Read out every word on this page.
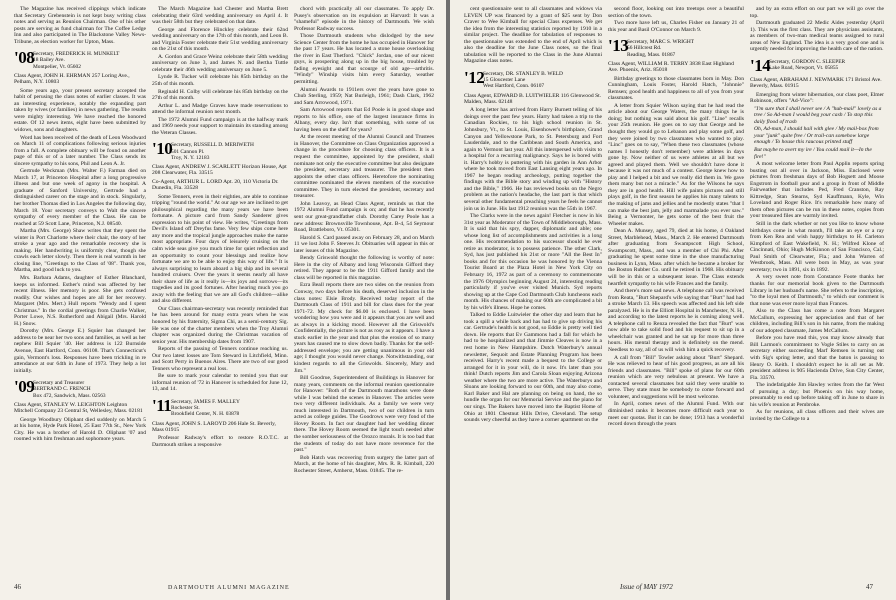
The Magazine has received clippings which indicate that Secretary Grebenstein is not kept busy writing class notes and serving as Reunion Chairman. One of his other posts are serving as fund chairman for The Coffee Ledge Inn and also participated in The Blackstone Valley News-Tribune, as election worker for Upton, Mass.

'08
Secretary, FREDERICK H. MUNKELT
18 Bailey Ave.
Montpelier, Vt. 05602

Class Agent, JOHN H. EHRMAN 257 Loring Ave., Pelham, N.Y. 10803

Some years ago, your present secretary accepted the habit of perusing the class notes of earlier classes. It was an interesting experience, notably the expanding part taken by wives (or families) in news gathering. The results were mighty interesting. We have reached the honored estate. Of 12 news items, eight have been submitted by widows, sons and daughters.

Word has been received of the death of Leon Woodward on March 11 of complications following serious injuries from a fall. A complete obituary will be found on another page of this or of a later number. The Class sends its sincere sympathy to his sons, Phil and Leon A. Jr.

Gertrude Weckman (Mrs. Walter F.) Farman died on March 17, at Princeton Hospital after a long progressive illness and but one week of agony in the hospital. A graduate of Sanford University, Gertrude had a distinguished career on the stage and in stock. Singularly, her brother Thomas died in Los Angeles the following day, March 18. Your secretary conveys to Walt the sincere sympathy of every member of the Class. He can be reached at 59 Scott Lane, Princeton, N.J. 08540.

Martha (Mrs. George) Shaw writes that they spent the winter in Port Charlotte where their chair, the story of her stroke a year ago and the remarkable recovery she is making. Her handwriting is uniformly clear, though she crawls each letter slowly. Then there is real warmth in her closing line, "Greetings to the Class of '08". Thank you, Martha, and good luck to you.

Mrs. Barbara Adams, daughter of Esther Blanchard, keeps us informed. Esther's mind was affected by her recent illness. Her memory is poor. She gets confused readily. Our wishes and hopes are all for her recovery. Margaret (Mrs. Mert.) Hull reports "Wendy and I spent Christmas." In the cordial greetings from Charlie Walker, Porter Lowe, N.S. Rutherford and Abigail (Mrs. Harold H.) Snow.

Dorothy (Mrs. George E.) Squier has changed her address to be near her two sons and families, as well as her nephew Bill Squier '40. Her address is 122 Burnside Avenue, East Hartford, Conn. 06108. That's Connecticut's gain, Vermont's loss. Responses have been trickling in re attendance at our 64th in June of 1973. They help a lot initially.

'09
Secretary and Treasurer
BERTRAND C. FRENCH
Box 472, Sandwich, Mass. 02563

Class Agent, STANLEY W. LEIGHTON Leighton Mitchell Company 23 Central St, Wellesley, Mass. 02181

George Woodbury Oliphant died suddenly on March 5 at his home, Hyde Park Hotel, 25 East 77th St., New York City. He was a brother of Harold D. Oliphant '07 and roomed with him freshman and sophomore years.

The March Magazine had Chester and Martha Brett celebrating their 63rd wedding anniversary on April 4. It was their 58th but they celebrated on that date.

George and Florence Hinckley celebrate their 62nd wedding anniversary on the 17th of this month, and Leon B. and Virginia Foster celebrate their 51st wedding anniversary on the 21st of this month.

A. Gordon and Grace Weinz celebrate their 58th wedding anniversary on June 3, and James N. and Bertha Tuttle celebrate their 46th wedding anniversary on June 5.

Lynde R. Tucker will celebrate his 85th birthday on the 25th of this month.

Reginald H. Colby will celebrate his 85th birthday on the 27th of this month.

Arthur L. and Madge Graves have made reservations to attend the informal reunion next month.

The 1972 Alumni Fund campaign is at the halfway mark and 1969 needs your support to maintain its standing among the Veteran Classes.

'10
Secretary, RUSSELL D. MERIWETH
501 Cannon Pl.
Troy, N. Y. 12183

Class Agent, ANDREW J. SCARLETT Horizon House, Apt 208 Clearwater, Fla. 33515

Co-Agent, ARTHUR L. LORD Apt. 20, 110 Victoria Dr. Dunedin, Fla. 33528

Some Tenners, even in their eighties, are able to continue tripping "round the world." At our age we are inclined to get philosophical regarding the many years we have been fortunate. A picture card from Sandy Sanderer gives expression to his point of view. He writes, "Greetings from Devil's Island off Dreyfus fame. Very few ships come here any more and the tropical jungle approaches make the name most appropriate. Four days of leisurely cruising on the calm wide seas give you much time for quiet reflection and an opportunity to count your blessings and realize how fortunate we are to be able to enjoy this way of life." It is always surprising to learn aboard a big ship and its several hundred cruisers. Over the years it seems nearly all have their share of life as it really is—its joys and sorrows—its tragedies and its good fortunes. After hearing much you go away with the feeling that we are all God's children—alike and also different.

Our Class chairman-secretary was recently reminded that he has been around for many extra years when he was honored by his fraternity, Sigma Chi, as a semi-century Sig. He was one of the charter members when the Troy Alumni chapter was organized during the Christmas vacation of senior year. His membership dates from 1907.

Reports of the passing of Tenners continue reaching us. Our two latest losses are Tom Steward in Litchfield, Minn. and Scott Perry in Buenos Aires. There are two of our good Tenners who represent a real loss.

Be sure to mark your calendar to remind you that our informal reunion of '72 in Hanover is scheduled for June 12, 13, and 14.

'11 Secretary, JAMES F. MALLEY
Rochester St.
Brookfield Center, N. H. 03878

Class Agent, JOHN S. LAROYD 206 Hale St. Beverly, Mass 01915

Professor Radway's effort to restore R.O.T.C. at Dartmouth strikes a responsive

chord with practically all our classmates. To apply Dr. Pusey's observation on its expulsion at Harvard: It was a "shameful" episode in the history of Dartmouth. We wish Professor Radway success.

Those Dartmouth students who dislodged by the new Science Center from the home he has occupied in Hanover for the past 17 years. He has located a stone house overlooking the river in East Thetford. "Chick" Jordan, one of our nicest guys, is prospering along up in the big house, troubled by fading eyesight and that scourge of old age—arthritis. "Windy" Winship visits him every Saturday, weather permitting.

Alumni Awards to 1911ers over the years have gone to Chub Sterling, 1959; Nat Burleigh, 1961; Dash Clark, 1962 and Sam Arrowood, 1971.

Sam Arrowood reports that Ed Poole is in good shape and reports to his office, one of the largest insurance firms in Albany, every day. Isn't that something, with some of us having been on the shelf for years?

At the recent meeting of the Alumni Council and Trustees in Hanover, the Committee on Class Organization approved a change in the procedure for choosing class officers. It is a request the committee, appointed by the president, shall nominate not only the executive committee but also designate the president, secretary and treasurer. The president then appoints the other class officers. Heretofore the nominating committee nominated the eleven members of the executive committee. They in turn elected the president, secretary and treasurer.

John Leavoy, as Head Class Agent, reminds us that the 1972 Alumni Fund campaign is on; and that he has recently sent our great-grandfather club. Dorothy Carey Poole has a new address: Brownsville Townhouse, Apt. B-4, 54 Seymour Road, Brattleboro, Vt. 05301.

Harold S. Card passed away on February 28, and on March 11 we lost John F. Steeves Jr. Obituaries will appear in this or later issues of this Magazine.

Bendy Griswold thought the following is worthy of note: Here in the city of Albany and long Wisconsin Gifford they retired. They appear to be the 1911 Gifford family and the class will be reported in this magazine.

Ezra Beall reports there are two sides on the reunion from Conway, two days before his death, deserved inclusion in the class notes: Elsie Brody. Received today report of the Dartmouth Class of 1911 and bill for class dues for the year 1971-72. My check for $6.00 is enclosed. I have been wondering how you were and it appears that you are well and as always in a kicking mood. However all the Griswold's Confidentially, the picture is not as rosy as it appears. I have a stuck earlier in the year and that plus the erosion of so many years has caused me to slow down badly. Thanks for the self-addressed envelope; you are getting unanimous in your old age; I thought you would never change. Notwithstanding, our kindest regards to all the Griswolds. Sincerely, Mary and Jim."

Bill Goodrue, Superintendent of Buildings in Hanover for many years, comments on the informal reunion questionnaire for Hanover: "Both of the Dartmouth marathons were done while I was behind the scenes in Hanover. The articles were two very different individuals. As a family we were very much interested in Dartmouth, two of our children in turn acted as college guides. The Goodrows were very fond of the Hovey Room. In fact our daughter had her wedding dinner there. The Hovey Room seemed the light touch needed after the somber seriousness of the Orozco murals. It is too bad that the students of today do not have more reverence for the past."

Bob Hatch was recovering from surgery the latter part of March, at the home of his daughter, Mrs. R. R. Kimball, 220 Rochester Street, Amherst, Mass. 01845. The re-

46	DARTMOUTH ALUMNI MAGAZINE

cent questionnaire sent to all classmates and widows via LEVEN UP was financed by a grant of $25 sent by Don Craver to Wee Kimball for special Class expenses. We get the idea from the interesting statistics reported by 1910 in a similar project. The deadline for tabulation of responses to the questionnaire was extended to the end of April which is also the deadline for the June Class notes, so the final tabulation will be reported to the Class in the June Alumni Magazine class notes.

'12
Secretary, DR. STANLEY B. WELD
15 Gloucester Lane
West Hartford, Conn. 06107

Class Agent, EDWARD B. LUITWIELER 116 Glenwood St. Malden, Mass. 02148

A long letter has arrived from Harry Burnett telling of his doings over the past few years. Harry had taken a trip to the Canadian Rockies, to his high school reunion in St. Johnsbury, Vt., to St. Louis, Eisenhower's birthplace, Grand Canyon and Yellowstone Park, to St. Petersburg and Fort Lauderdale, and to the Caribbean and South America, and again to Vermont last year. All this interspersed with visits to a hospital for a recurring malignancy. Says he is bored with it. Harry's hobby is puttering with his garden in Ann Arbor where he took moved from East Lansing eight years ago. In 1967 he began reading archeology, putting together the findings with the Bible story and winding up with "History and the Bible," 1966. He has reviewed books on the Negro problem as the nation's headache, the last part is that which several other fundamental preaching years he feels he cannot join us in June. His last 1912 reunion was the 55th in 1967.

The Clarks were in the news again! Fletcher is now in his 31st year as Moderator of the Town of Middleborough, Mass. It is said that his spry, dapper, diplomatic and able; one whose long list of accomplishments and activities is a long one. His recommendation to his successor should he ever retire as moderator, is to possess patience. The other Clark, Syd, has just published his 21st or more "All the Best In" books and for this occasion he was honored by the Vienna Tourist Board at the Plaza Hotel in New York City on February 16, 1972 as part of a ceremony to commemorate the 1976 Olympics beginning August 24, interesting reading particularly if you've ever visited Munich. Syd reports showing up at the Cape Cod Dartmouth Club luncheons each month. His chances of making our 60th are complicated a bit by his wife's illness. Hope he comes.

Talked to Eddie Luitwieler the other day and learn that he took a spill a while back and has had to give up driving his car. Gertrude's health is not good, so Eddie is pretty well tied down. He reports that Ev Gammons had a fall for which he had to be hospitalized and that Jimmie Cleaves is now in a rest home in New Hampshire. Dutch Waterbury's annual newsletter, Sequoit and Estate Planning Program has been received. Harry's recent made a bequest to the College or arranged for it in your will, do it now. It's later than you think! Dutch reports Jim and Carola Sloan enjoying Arizona weather where the two are more active. The Waterburys and Sloans are looking forward to our 60th, and may also come, Karl Baker and Hal are planning on being on hand, the so hundle the organ for our Memorial Service and the piano for our sings. The Bakers have moved into the Baptist Home of Ohio at 1801 Chestnut Hills Drive, Cleveland. The setup sounds very cheerful as they have a corner apartment on the

second floor, looking out into treetops over a beautiful section of the town.

Two more have left us, Charles Fisher on January 21 of this year and Basil O'Connor on March 9.

'13
Secretary, MARC S. WRIGHT
56 Hillcrest Rd.
Reading, Mass. 01867

Class Agent, WILLIAM R. TERRY 3838 East Highland Ave. Phoenix, Ariz. 85018

Birthday greetings to those classmates born in May. Don Cunningham, Louis Foster, Harold Hatch, "Johnnie" Remsen; good health and happiness to all of you from your classmates.

A letter from Squier Wilson saying that he had read the article about our George Waters, the many things he is doing; but nothing was said about his golf. "Line" recalls your 25th reunion. He goes on to say that George and he thought they would go to Lebanon and play some golf, and they were joined by two classmates who wanted to play. "Linc" goes on to say, "When these two classmates (whose names I honestly don't remember) were athletes in days gone by. Now neither of us were athletes at all but we agreed and played them. Well we shouldn't have done it because it was not much of a contest. George knew how to play and I helped a bit and we really did them in. We gave them many but not a miracle." As for the Wilsons he says they are in good health. Hill wife paints pictures and still plays golf, in the first season he applies his many talents to the making of jams and jellies and he modestly states "that I can make the best jam, jelly and marmalade you ever saw." Being a Vermonter, he gets some of the best fruit the Wheeler makes.

Dean A. Munsey, aged 79, died at his home, 4 Oakland Street, Marblehead, Mass., March 2. He entered Dartmouth after graduating from Swampscott High School, Swampscott, Mass., and was a member of Chi Phi. After graduating he spent some time in the shoe manufacturing business in Lynn, Mass. after which he became a broker for the Boston Rubber Co. until he retired in 1968. His obituary will be in this or a subsequent issue. The Class extends heartfelt sympathy to his wife Frances and the family.

And there's more sad news. A telephone call was received from Reata, "Burt Shepard's wife saying that "Burt" had had a stroke March 13. His speech was affected and his left side paralyzed. He is in the Elliott Hospital in Manchester, N. H., and according to the latest reports he is coming along well. A telephone call to Renza revealed the fact that "Burt" was now able to take solid food and his request to sit up in a wheelchair was granted and he sat up for more than three hours. His mental therapy and is definitely on the mend. Needless to say, all of us will wish him a quick recovery.

A call from "Bill" Towler asking about "Burt" Shepard. He was relieved to hear of his good progress, as are all his friends and classmates. "Bill" spoke of plans for our 60th reunion which are very nebulous at present. We have a contacted several classmates but said they were unable to serve. They state must be somebody to come forward and volunteer, and suggestions will be most welcome.

In April, comes news of the Alumni Fund. With our diminished ranks it becomes more difficult each year to meet our quotas. But it can be done; 1913 has a wonderful record down through the years

and by an extra effort on our part we will go over the top.

Dartmouth graduated 22 Medic Aides yesterday (April 1). This was the first class. They are physicians assistants, as members of two-man medical teams assigned to rural areas of New England. The idea is a very good one and is urgently needed for improving the health care of the nation.

'14
Secretary, GORDON C. SLEEPER
Lake Road, Newport, Vt. 05855

Class Agent, ABRAHAM J. NEWMARK 171 Bristol Ave. Beverly, Mass. 01915

Emerging from winter hibernation, our class poet, Elmer Robinson, offers "Ad-Vice":

"I'm sure that I shall never see / A "hub-mail" lovely as a tree / So Ad-man I would beg your cash / To stop this daily flood of trash

Oh, Ad-man, I should hail with glee / My mail-box from your "junk" quite free / Or trail-can somehow large enough / To house this raucous printed stuff

But maybe to avert my ire / You could mail it—In the fire!"

A most welcome letter from Paul Applin reports spring busting out all over in Jackson, Miss. Enclosed were pictures from freshman days of Bob Hogsett and Moose Engstrom in football gear and a group in front of Middle Fairweather that includes Ped, Fred Cranston, Ray Kittredge, Stan Stearns, Syd Kauffmann, Kyle, Win Loveland and Roger Rice. It's remarkable how many of them often pictures can be run in these notes, copies from your treasured files are warmly invited.

Still in the dark whether or not you like to know whose birthdays come in what month, I'll take an eye or a ray from Ken Rea and wish happy birthdays to H. Carleton Kimpford of East Wakefield, N. H.; Wilfred Klone of Cincinnati, Ohio; Hugh McKinnon of San Francisco, Cal.; Paul Smith of Clearwater, Fla.; and John Warren of Westbrook, Mass. All were born in May, as was your secretary; two in 1891, six in 1892.

A very sweet note from Constance Foote thanks her thanks for our memorial book given to the Dartmouth Library in her husband's name. She refers to the inscription, "to the loyal men of Dartmouth," to which our comment is that none was ever more loyal than Frances.

Also to the Class has come a note from Margaret McCallum, expressing her appreciation and that of her children, including Bill's son in his name, from the making of our adopted classmate, James McCallum.

Before you have read this, you may know already that Bill Larmon's commitment to Vogle Stiles to carry on as secretary either succeeding Marf Remsen is turning out with Sig's spring letter, and that the baton is passing to Henry O. Keith. I shouldn't expect he is all set as Mr. president address is 905 Hacienda Drive, Sun City Center, Fla. 33570.

The indefatigable Jim Hawley writes from the far West of pursuing a day; but Phoenix on his way home, presumably to end up before taking off in June to share in his wife's reunion at Pembroke.

As for reunions, all class officers and their wives are invited by the College to a

Issue of MAY 1972	47
